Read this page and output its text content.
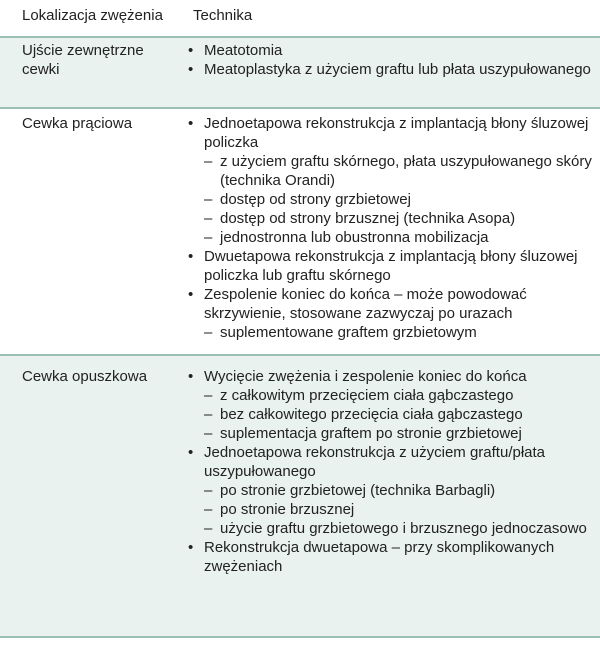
Lokalizacja zwężenia Technika
Ujście zewnętrzne cewki
• Meatotomia
• Meatoplastyka z użyciem graftu lub płata uszypułowanego
Cewka prąciowa	• Jednoetapowa rekonstrukcja z implantacją błony śluzowej policzka
– z użyciem graftu skórnego, płata uszypułowanego skóry (technika Orandi)
– dostęp od strony grzbietowej
– dostęp od strony brzusznej (technika Asopa)
– jednostronna lub obustronna mobilizacja
• Dwuetapowa rekonstrukcja z implantacją błony śluzowej policzka lub graftu skórnego
• Zespolenie koniec do końca – może powodować skrzywienie, stosowane zazwyczaj po urazach
– suplementowane graftem grzbietowym
Cewka opuszkowa	• Wycięcie zwężenia i zespolenie koniec do końca
– z całkowitym przecięciem ciała gąbczastego
– bez całkowitego przecięcia ciała gąbczastego
– suplementacja graftem po stronie grzbietowej
• Jednoetapowa rekonstrukcja z użyciem graftu/płata uszypułowanego
– po stronie grzbietowej (technika Barbagli)
– po stronie brzusznej
– użycie graftu grzbietowego i brzusznego jednoczasowo
• Rekonstrukcja dwuetapowa – przy skomplikowanych zwężeniach
